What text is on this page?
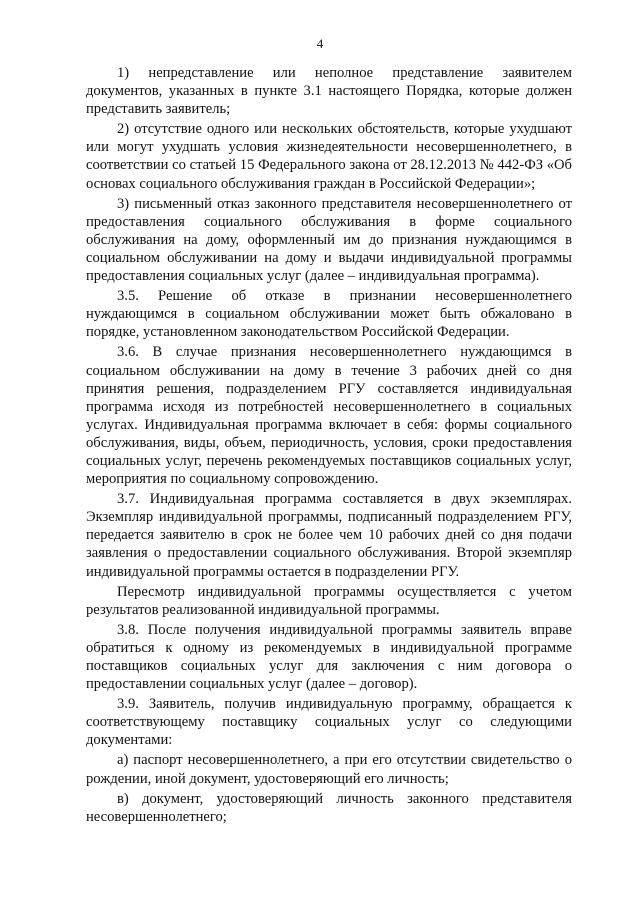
4

1) непредставление или неполное представление заявителем документов, указанных в пункте 3.1 настоящего Порядка, которые должен представить заявитель;

2) отсутствие одного или нескольких обстоятельств, которые ухудшают или могут ухудшать условия жизнедеятельности несовершеннолетнего, в соответствии со статьей 15 Федерального закона от 28.12.2013 № 442-ФЗ «Об основах социального обслуживания граждан в Российской Федерации»;

3) письменный отказ законного представителя несовершеннолетнего от предоставления социального обслуживания в форме социального обслуживания на дому, оформленный им до признания нуждающимся в социальном обслуживании на дому и выдачи индивидуальной программы предоставления социальных услуг (далее – индивидуальная программа).

3.5. Решение об отказе в признании несовершеннолетнего нуждающимся в социальном обслуживании может быть обжаловано в порядке, установленном законодательством Российской Федерации.

3.6. В случае признания несовершеннолетнего нуждающимся в социальном обслуживании на дому в течение 3 рабочих дней со дня принятия решения, подразделением РГУ составляется индивидуальная программа исходя из потребностей несовершеннолетнего в социальных услугах. Индивидуальная программа включает в себя: формы социального обслуживания, виды, объем, периодичность, условия, сроки предоставления социальных услуг, перечень рекомендуемых поставщиков социальных услуг, мероприятия по социальному сопровождению.

3.7. Индивидуальная программа составляется в двух экземплярах. Экземпляр индивидуальной программы, подписанный подразделением РГУ, передается заявителю в срок не более чем 10 рабочих дней со дня подачи заявления о предоставлении социального обслуживания. Второй экземпляр индивидуальной программы остается в подразделении РГУ.

Пересмотр индивидуальной программы осуществляется с учетом результатов реализованной индивидуальной программы.

3.8. После получения индивидуальной программы заявитель вправе обратиться к одному из рекомендуемых в индивидуальной программе поставщиков социальных услуг для заключения с ним договора о предоставлении социальных услуг (далее – договор).

3.9. Заявитель, получив индивидуальную программу, обращается к соответствующему поставщику социальных услуг со следующими документами:

а) паспорт несовершеннолетнего, а при его отсутствии свидетельство о рождении, иной документ, удостоверяющий его личность;

в) документ, удостоверяющий личность законного представителя несовершеннолетнего;
